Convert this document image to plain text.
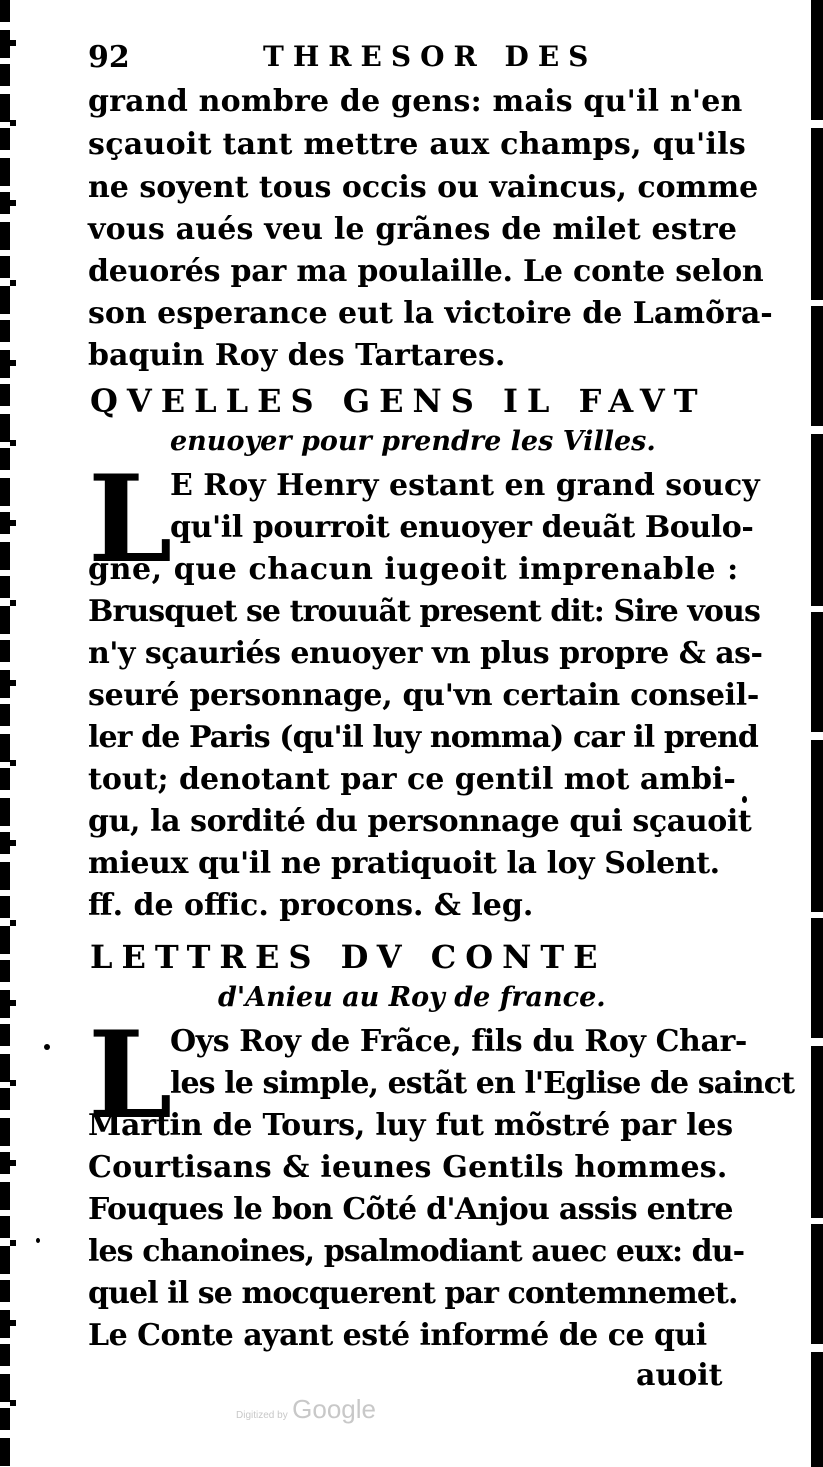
92	THRESOR DES
grand nombre de gens: mais qu'il n'en
sçauoit tant mettre aux champs, qu'ils
ne soyent tous occis ou vaincus, comme
vous aués veu le grãnes de milet estre
deuorés par ma poulaille. Le conte selon
son esperance eut la victoire de Lamõra-
baquin Roy des Tartares.
QVELLES GENS IL FAVT
enuoyer pour prendre les Villes.
L
E Roy Henry estant en grand soucy
qu'il pourroit enuoyer deuãt Boulo-
gne, que chacun iugeoit imprenable :
Brusquet se trouuãt present dit: Sire vous
n'y sçauriés enuoyer vn plus propre & as-
seuré personnage, qu'vn certain conseil-
ler de Paris (qu'il luy nomma) car il prend
tout; denotant par ce gentil mot ambi-
gu, la sordité du personnage qui sçauoit
mieux qu'il ne pratiquoit la loy Solent.
ff. de offic. procons. & leg.
LETTRES DV CONTE
d'Anieu au Roy de france.
L
Oys Roy de Frãce, fils du Roy Char-
les le simple, estãt en l'Eglise de sainct
Martin de Tours, luy fut mõstré par les
Courtisans & ieunes Gentils hommes.
Fouques le bon Cõté d'Anjou assis entre
les chanoines, psalmodiant auec eux: du-
quel il se mocquerent par contemnemet.
Le Conte ayant esté informé de ce qui
auoit
Digitized by Google
